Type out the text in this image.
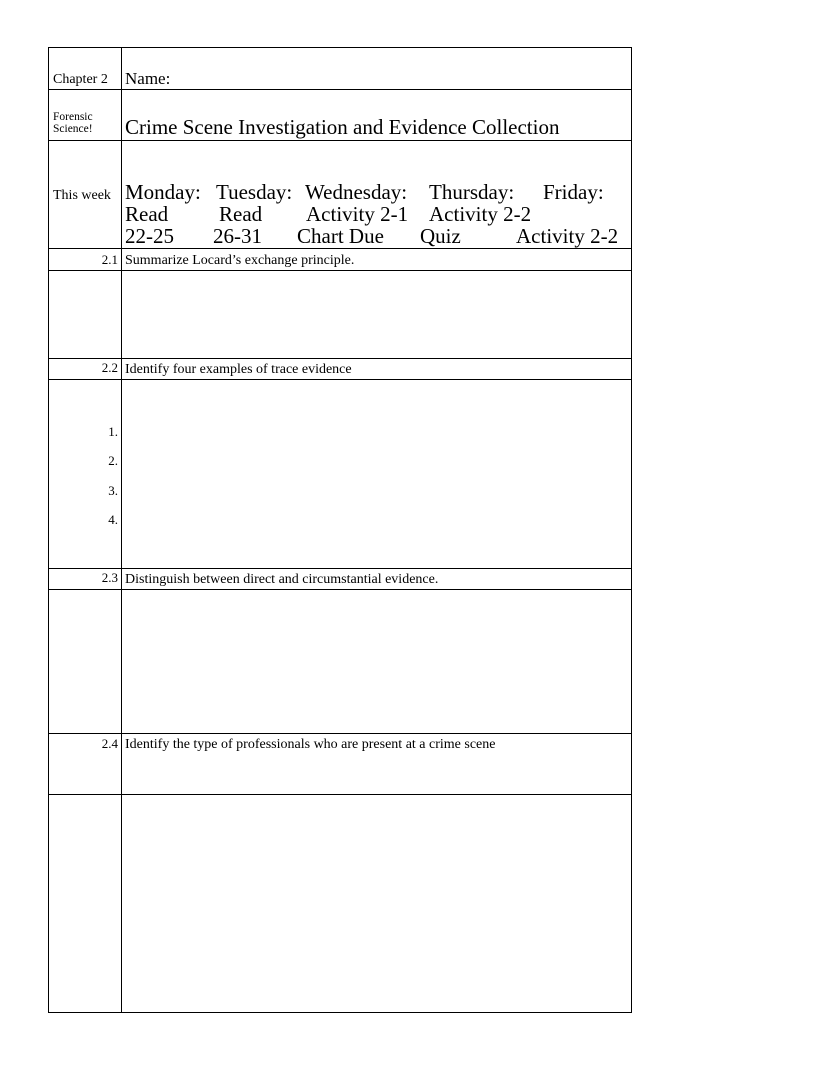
Chapter 2 Name:
Forensic Science!	Crime Scene Investigation and Evidence Collection
This week Monday: Tuesday: Wednesday: Thursday: Friday:
Read Read Activity 2-1 Activity 2-2
22-25 26-31 Chart Due Quiz	Activity 2-2
2.1 Summarize Locard’s exchange principle.
2.2 Identify four examples of trace evidence
1.
2.
3.
4.
2.3 Distinguish between direct and circumstantial evidence.
2.4 Identify the type of professionals who are present at a crime scene
